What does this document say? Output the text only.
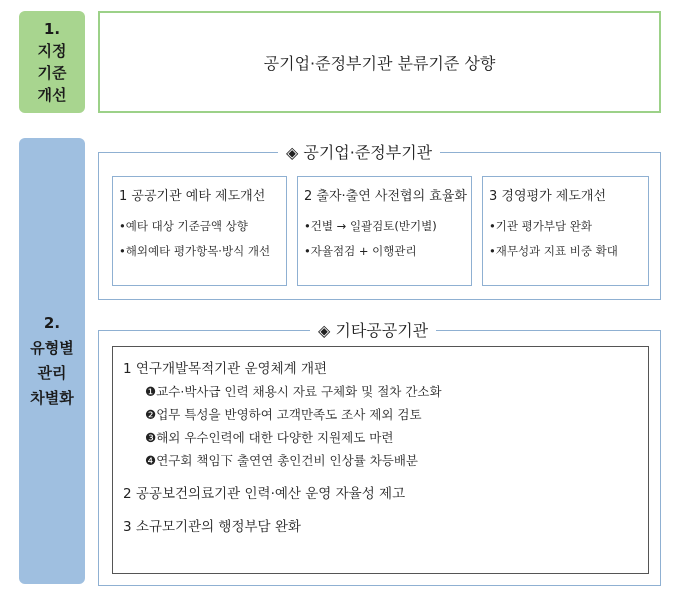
1.
지정
기준
개선
2.
유형별
관리
차별화
공기업·준정부기관 분류기준 상향
◈ 공기업·준정부기관
1 공공기관 예타 제도개선
•예타 대상 기준금액 상향
•해외예타 평가항목·방식 개선
2 출자·출연 사전협의 효율화
•건별 → 일괄검토(반기별)
•자율점검 + 이행관리
3 경영평가 제도개선
•기관 평가부담 완화
•재무성과 지표 비중 확대
◈ 기타공공기관
1 연구개발목적기관 운영체계 개편
❶교수·박사급 인력 채용시 자료 구체화 및 절차 간소화
❷업무 특성을 반영하여 고객만족도 조사 제외 검토
❸해외 우수인력에 대한 다양한 지원제도 마련
❹연구회 책임下 출연연 총인건비 인상률 차등배분
2 공공보건의료기관 인력·예산 운영 자율성 제고
3 소규모기관의 행정부담 완화
